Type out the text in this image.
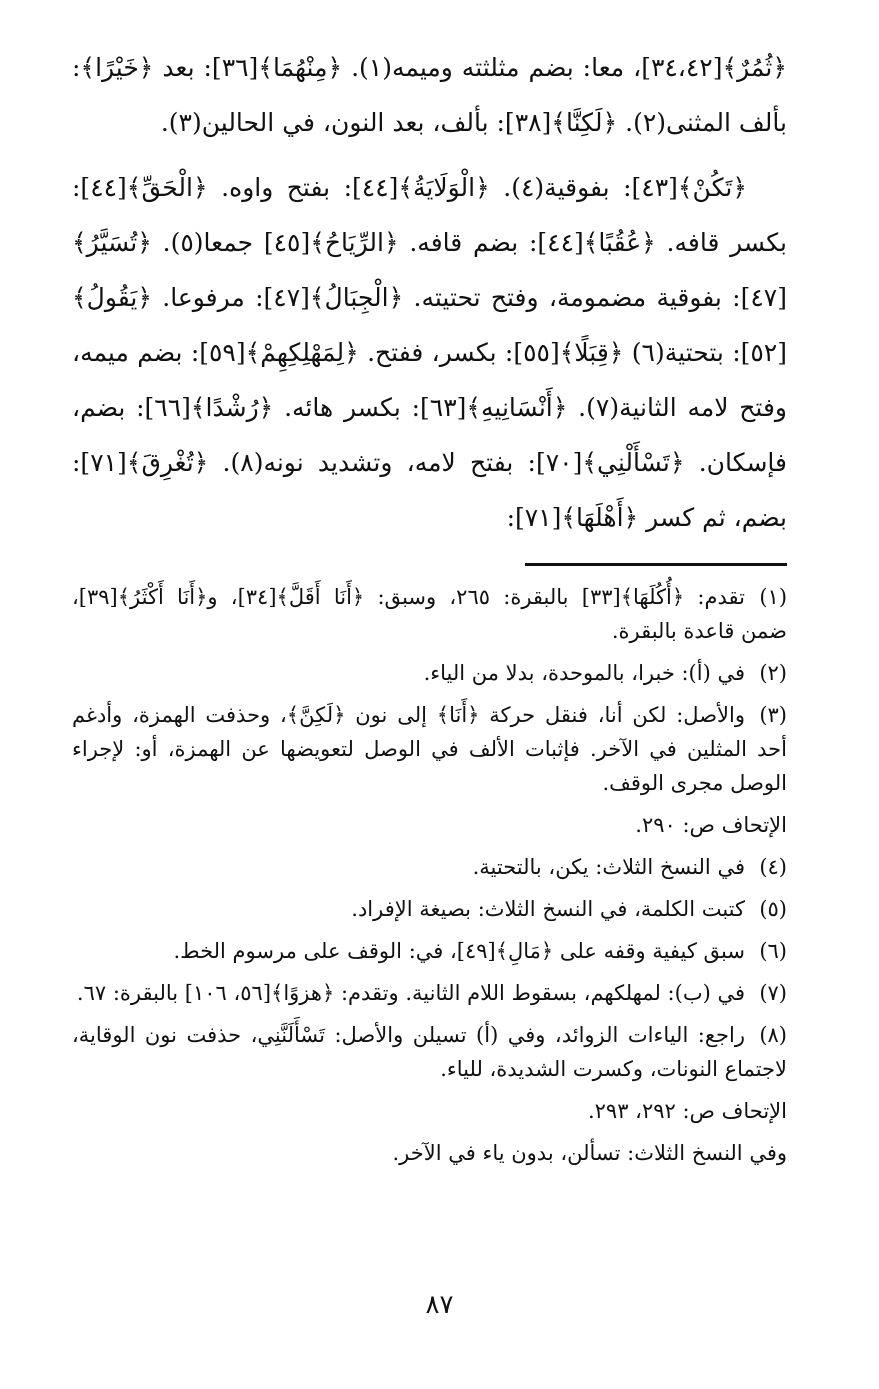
﴿ثُمُرٌ﴾[٣٤،٤٢]، معا: بضم مثلثته وميمه(١). ﴿مِنْهُمَا﴾[٣٦]: بعد ﴿خَيْرًا﴾: بألف المثنى(٢). ﴿لَكِنَّا﴾[٣٨]: بألف، بعد النون، في الحالين(٣).

﴿تَكُنْ﴾[٤٣]: بفوقية(٤). ﴿الْوَلَايَةُ﴾[٤٤]: بفتح واوه. ﴿الْحَقِّ﴾[٤٤]: بكسر قافه. ﴿عُقُبًا﴾[٤٤]: بضم قافه. ﴿الرِّيَاحُ﴾[٤٥] جمعا(٥). ﴿تُسَيَّرُ﴾[٤٧]: بفوقية مضمومة، وفتح تحتيته. ﴿الْجِبَالُ﴾[٤٧]: مرفوعا. ﴿يَقُولُ﴾[٥٢]: بتحتية(٦) ﴿قِبَلًا﴾[٥٥]: بكسر، ففتح. ﴿لِمَهْلِكِهِمْ﴾[٥٩]: بضم ميمه، وفتح لامه الثانية(٧). ﴿أَنْسَانِيهِ﴾[٦٣]: بكسر هائه. ﴿رُشْدًا﴾[٦٦]: بضم، فإسكان. ﴿تَسْأَلْنِي﴾[٧٠]: بفتح لامه، وتشديد نونه(٨). ﴿تُغْرِقَ﴾[٧١]: بضم، ثم كسر ﴿أَهْلَهَا﴾[٧١]:

(١)تقدم: ﴿أُكُلَهَا﴾[٣٣] بالبقرة: ٢٦٥، وسبق: ﴿أَنَا أَقَلَّ﴾[٣٤]، و﴿أَنَا أَكْثَرُ﴾[٣٩]، ضمن قاعدة بالبقرة.

(٢)في (أ): خبرا، بالموحدة، بدلا من الياء.

(٣)والأصل: لكن أنا، فنقل حركة ﴿أَنَا﴾ إلى نون ﴿لَكِنَّ﴾، وحذفت الهمزة، وأدغم أحد المثلين في الآخر. فإثبات الألف في الوصل لتعويضها عن الهمزة، أو: لإجراء الوصل مجرى الوقف.

الإتحاف ص: ٢٩٠.

(٤)في النسخ الثلاث: يكن، بالتحتية.

(٥)كتبت الكلمة، في النسخ الثلاث: بصيغة الإفراد.

(٦)سبق كيفية وقفه على ﴿مَالِ﴾[٤٩]، في: الوقف على مرسوم الخط.

(٧)في (ب): لمهلكهم، بسقوط اللام الثانية. وتقدم: ﴿هزوًا﴾[٥٦، ١٠٦] بالبقرة: ٦٧.

(٨)راجع: الياءات الزوائد، وفي (أ) تسيلن والأصل: تَسْأَلَنَّنِي، حذفت نون الوقاية، لاجتماع النونات، وكسرت الشديدة، للياء.

الإتحاف ص: ٢٩٢، ٢٩٣.

وفي النسخ الثلاث: تسألن، بدون ياء في الآخر.

٨٧
